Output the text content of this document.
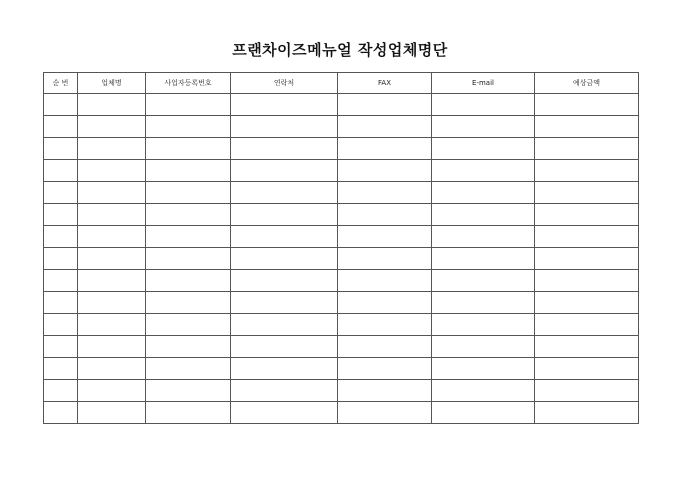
프랜차이즈메뉴얼 작성업체명단
순 번	업체명	사업자등록번호	연락처	FAX	E-mail	예상금액
